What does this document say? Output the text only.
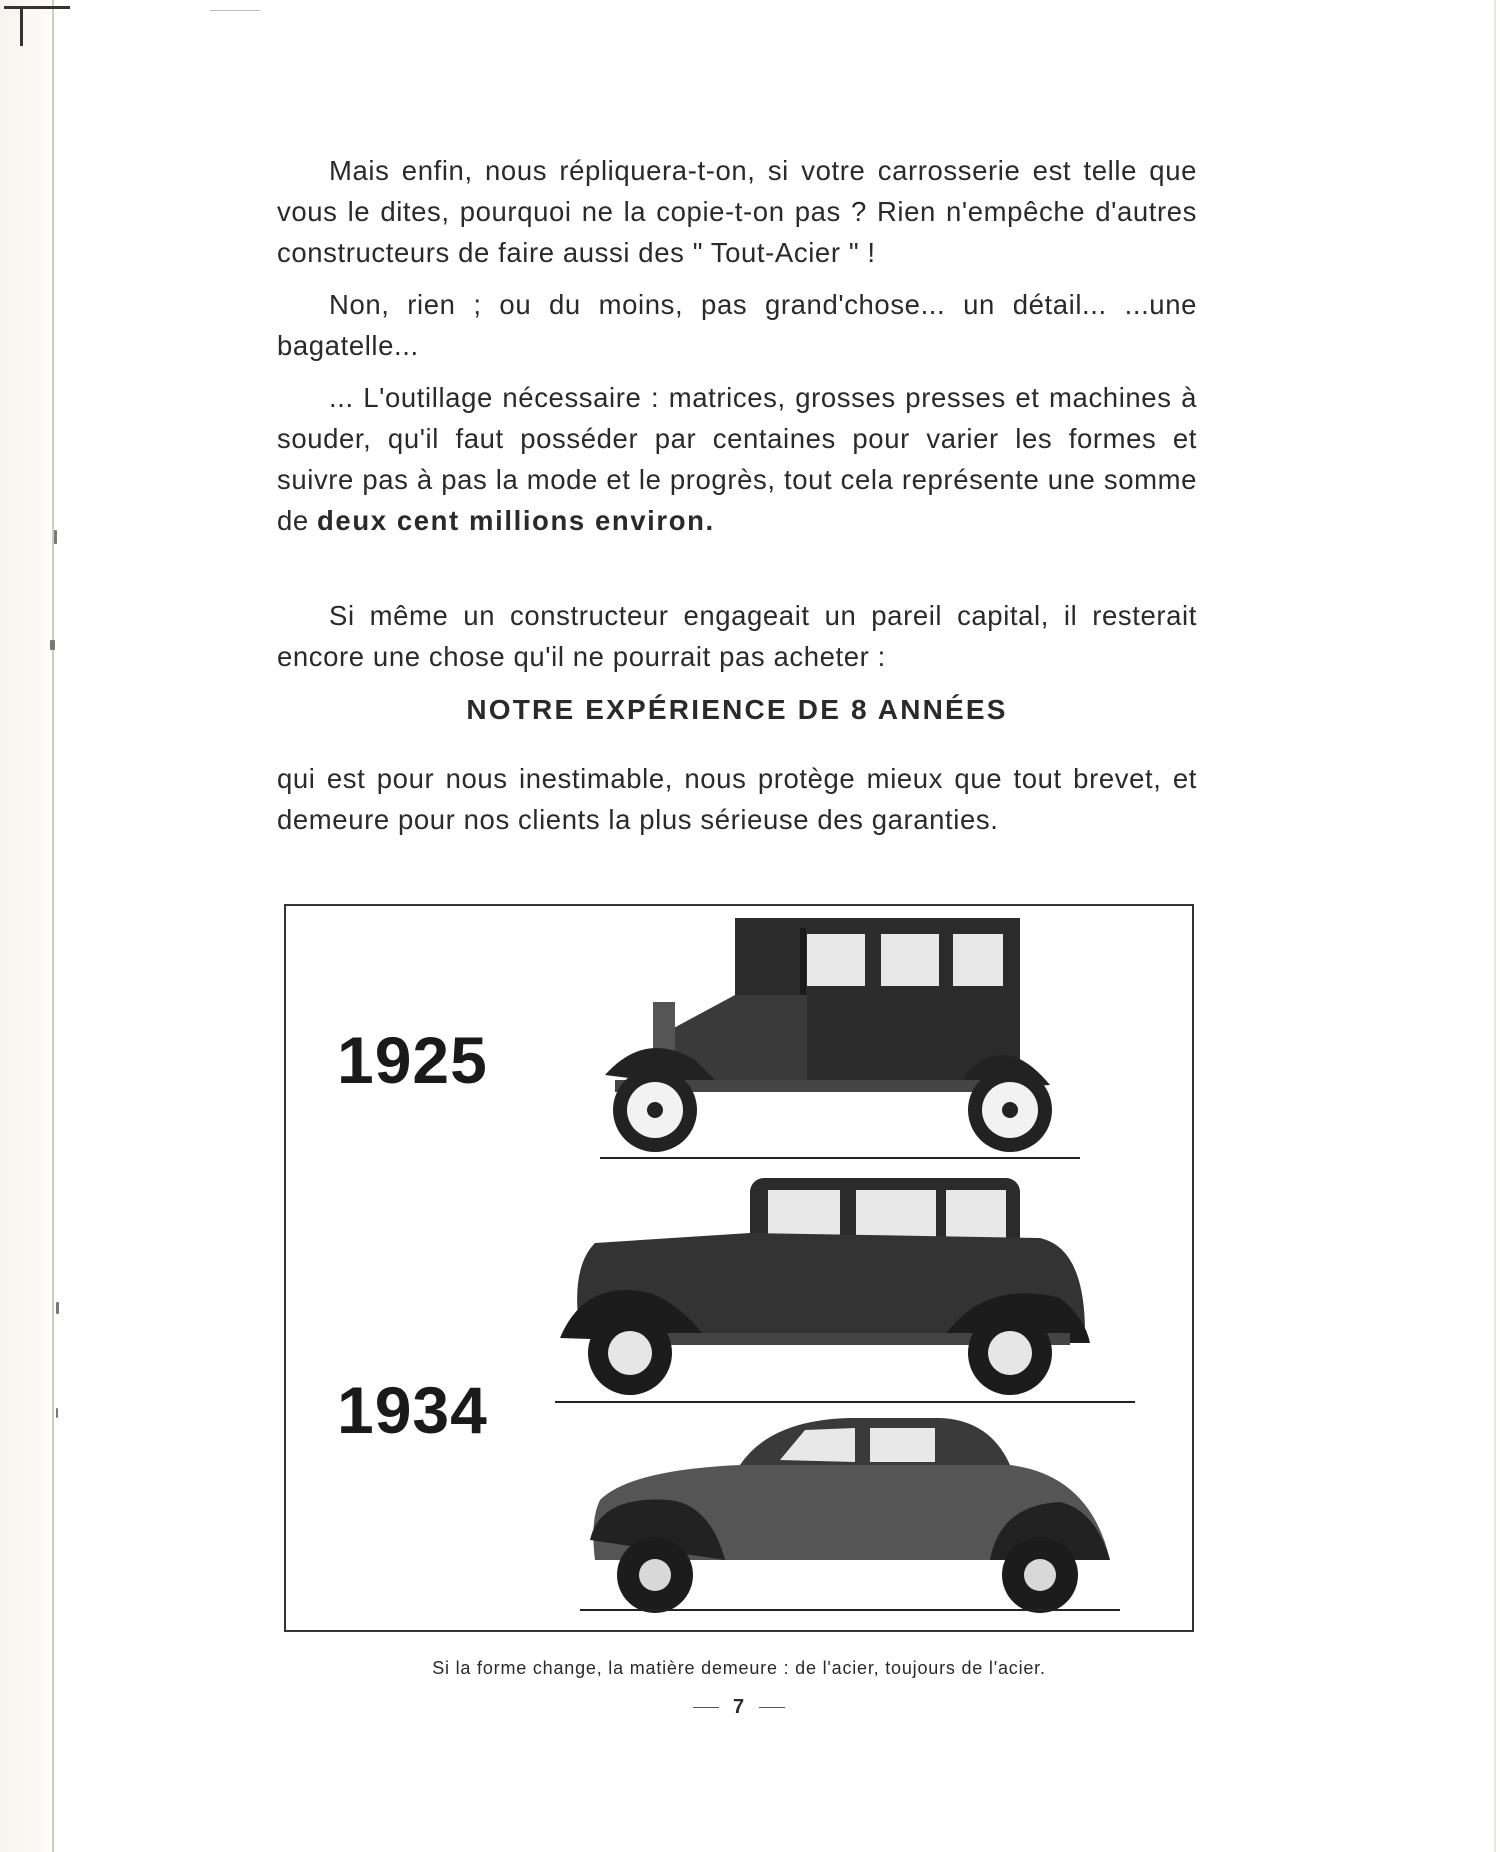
Mais enfin, nous répliquera-t-on, si votre carrosserie est telle que vous le dites, pourquoi ne la copie-t-on pas ? Rien n'empêche d'autres constructeurs de faire aussi des " Tout-Acier " !

Non, rien ; ou du moins, pas grand'chose... un détail... ...une bagatelle...

... L'outillage nécessaire : matrices, grosses presses et machines à souder, qu'il faut posséder par centaines pour varier les formes et suivre pas à pas la mode et le progrès, tout cela représente une somme de deux cent millions environ.

Si même un constructeur engageait un pareil capital, il resterait encore une chose qu'il ne pourrait pas acheter :

NOTRE EXPÉRIENCE DE 8 ANNÉES

qui est pour nous inestimable, nous protège mieux que tout brevet, et demeure pour nos clients la plus sérieuse des garanties.

1925
1934
Si la forme change, la matière demeure : de l'acier, toujours de l'acier.
7
